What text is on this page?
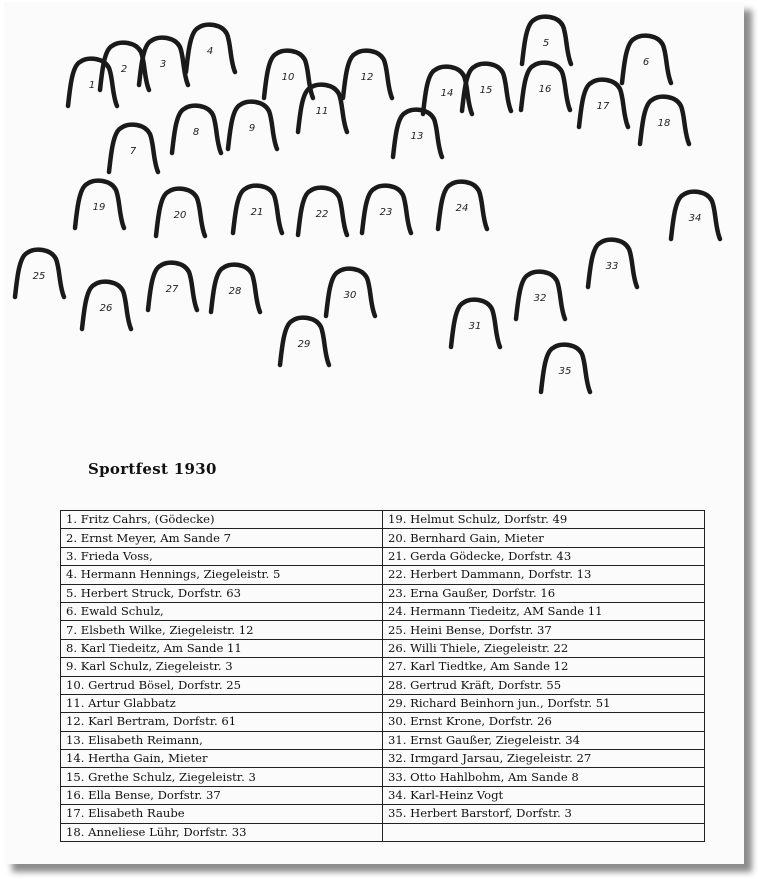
1
2	3
4
5
6
7
8	9
10
11
12
13
14	15	16
17
18
19
20	21	22	23	24
25
26
27	28
29
30
31
32
33
34
35
Sportfest 1930
1. Fritz Cahrs, (Gödecke)	19. Helmut Schulz, Dorfstr. 49
2. Ernst Meyer, Am Sande 7	20. Bernhard Gain, Mieter
3. Frieda Voss,	21. Gerda Gödecke, Dorfstr. 43
4. Hermann Hennings, Ziegeleistr. 5	22. Herbert Dammann, Dorfstr. 13
5. Herbert Struck, Dorfstr. 63	23. Erna Gaußer, Dorfstr. 16
6. Ewald Schulz,	24. Hermann Tiedeitz, AM Sande 11
7. Elsbeth Wilke, Ziegeleistr. 12	25. Heini Bense, Dorfstr. 37
8. Karl Tiedeitz, Am Sande 11	26. Willi Thiele, Ziegeleistr. 22
9. Karl Schulz, Ziegeleistr. 3	27. Karl Tiedtke, Am Sande 12
10. Gertrud Bösel, Dorfstr. 25	28. Gertrud Kräft, Dorfstr. 55
11. Artur Glabbatz	29. Richard Beinhorn jun., Dorfstr. 51
12. Karl Bertram, Dorfstr. 61	30. Ernst Krone, Dorfstr. 26
13. Elisabeth Reimann,	31. Ernst Gaußer, Ziegeleistr. 34
14. Hertha Gain, Mieter	32. Irmgard Jarsau, Ziegeleistr. 27
15. Grethe Schulz, Ziegeleistr. 3	33. Otto Hahlbohm, Am Sande 8
16. Ella Bense, Dorfstr. 37	34. Karl-Heinz Vogt
17. Elisabeth Raube	35. Herbert Barstorf, Dorfstr. 3
18. Anneliese Lühr, Dorfstr. 33	
